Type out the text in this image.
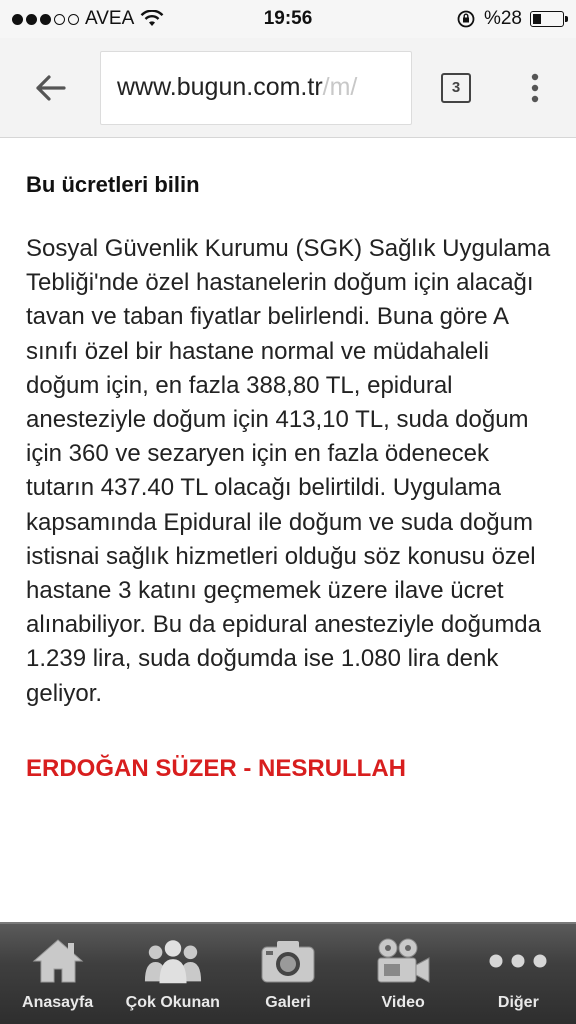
AVEA	19:56	%28
www.bugun.com.tr /m/	3
Bu ücretleri bilin
Sosyal Güvenlik Kurumu (SGK) Sağlık Uygulama Tebliği'nde özel hastanelerin doğum için alacağı tavan ve taban fiyatlar belirlendi. Buna göre A sınıfı özel bir hastane normal ve müdahaleli doğum için, en fazla 388,80 TL, epidural anesteziyle doğum için 413,10 TL, suda doğum için 360 ve sezaryen için en fazla ödenecek tutarın 437.40 TL olacağı belirtildi. Uygulama kapsamında Epidural ile doğum ve suda doğum istisnai sağlık hizmetleri olduğu söz konusu özel hastane 3 katını geçmemek üzere ilave ücret alınabiliyor. Bu da epidural anesteziyle doğumda 1.239 lira, suda doğumda ise 1.080 lira denk geliyor.
ERDOĞAN SÜZER - NESRULLAH
Anasayfa Çok Okunan	Galeri	Video	Diğer
